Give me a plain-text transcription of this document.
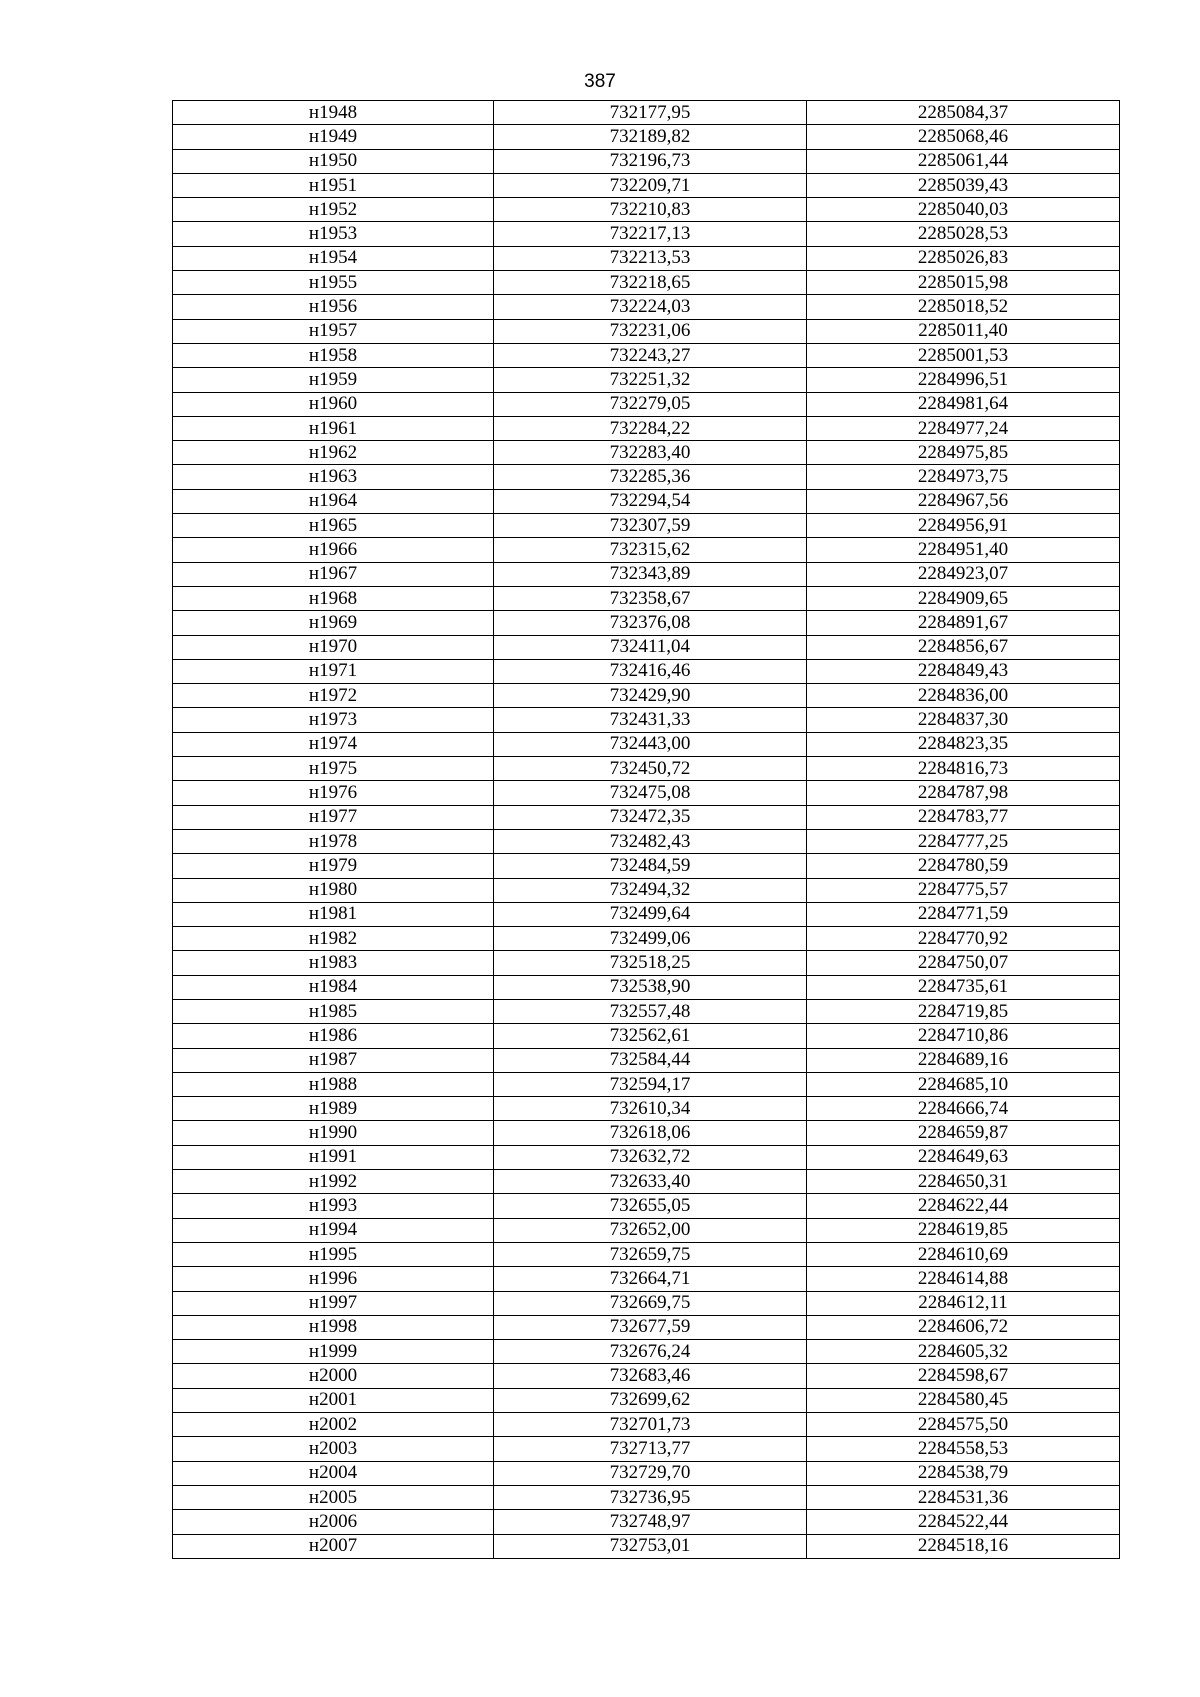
387
н1948	732177,95	2285084,37
н1949	732189,82	2285068,46
н1950	732196,73	2285061,44
н1951	732209,71	2285039,43
н1952	732210,83	2285040,03
н1953	732217,13	2285028,53
н1954	732213,53	2285026,83
н1955	732218,65	2285015,98
н1956	732224,03	2285018,52
н1957	732231,06	2285011,40
н1958	732243,27	2285001,53
н1959	732251,32	2284996,51
н1960	732279,05	2284981,64
н1961	732284,22	2284977,24
н1962	732283,40	2284975,85
н1963	732285,36	2284973,75
н1964	732294,54	2284967,56
н1965	732307,59	2284956,91
н1966	732315,62	2284951,40
н1967	732343,89	2284923,07
н1968	732358,67	2284909,65
н1969	732376,08	2284891,67
н1970	732411,04	2284856,67
н1971	732416,46	2284849,43
н1972	732429,90	2284836,00
н1973	732431,33	2284837,30
н1974	732443,00	2284823,35
н1975	732450,72	2284816,73
н1976	732475,08	2284787,98
н1977	732472,35	2284783,77
н1978	732482,43	2284777,25
н1979	732484,59	2284780,59
н1980	732494,32	2284775,57
н1981	732499,64	2284771,59
н1982	732499,06	2284770,92
н1983	732518,25	2284750,07
н1984	732538,90	2284735,61
н1985	732557,48	2284719,85
н1986	732562,61	2284710,86
н1987	732584,44	2284689,16
н1988	732594,17	2284685,10
н1989	732610,34	2284666,74
н1990	732618,06	2284659,87
н1991	732632,72	2284649,63
н1992	732633,40	2284650,31
н1993	732655,05	2284622,44
н1994	732652,00	2284619,85
н1995	732659,75	2284610,69
н1996	732664,71	2284614,88
н1997	732669,75	2284612,11
н1998	732677,59	2284606,72
н1999	732676,24	2284605,32
н2000	732683,46	2284598,67
н2001	732699,62	2284580,45
н2002	732701,73	2284575,50
н2003	732713,77	2284558,53
н2004	732729,70	2284538,79
н2005	732736,95	2284531,36
н2006	732748,97	2284522,44
н2007	732753,01	2284518,16
